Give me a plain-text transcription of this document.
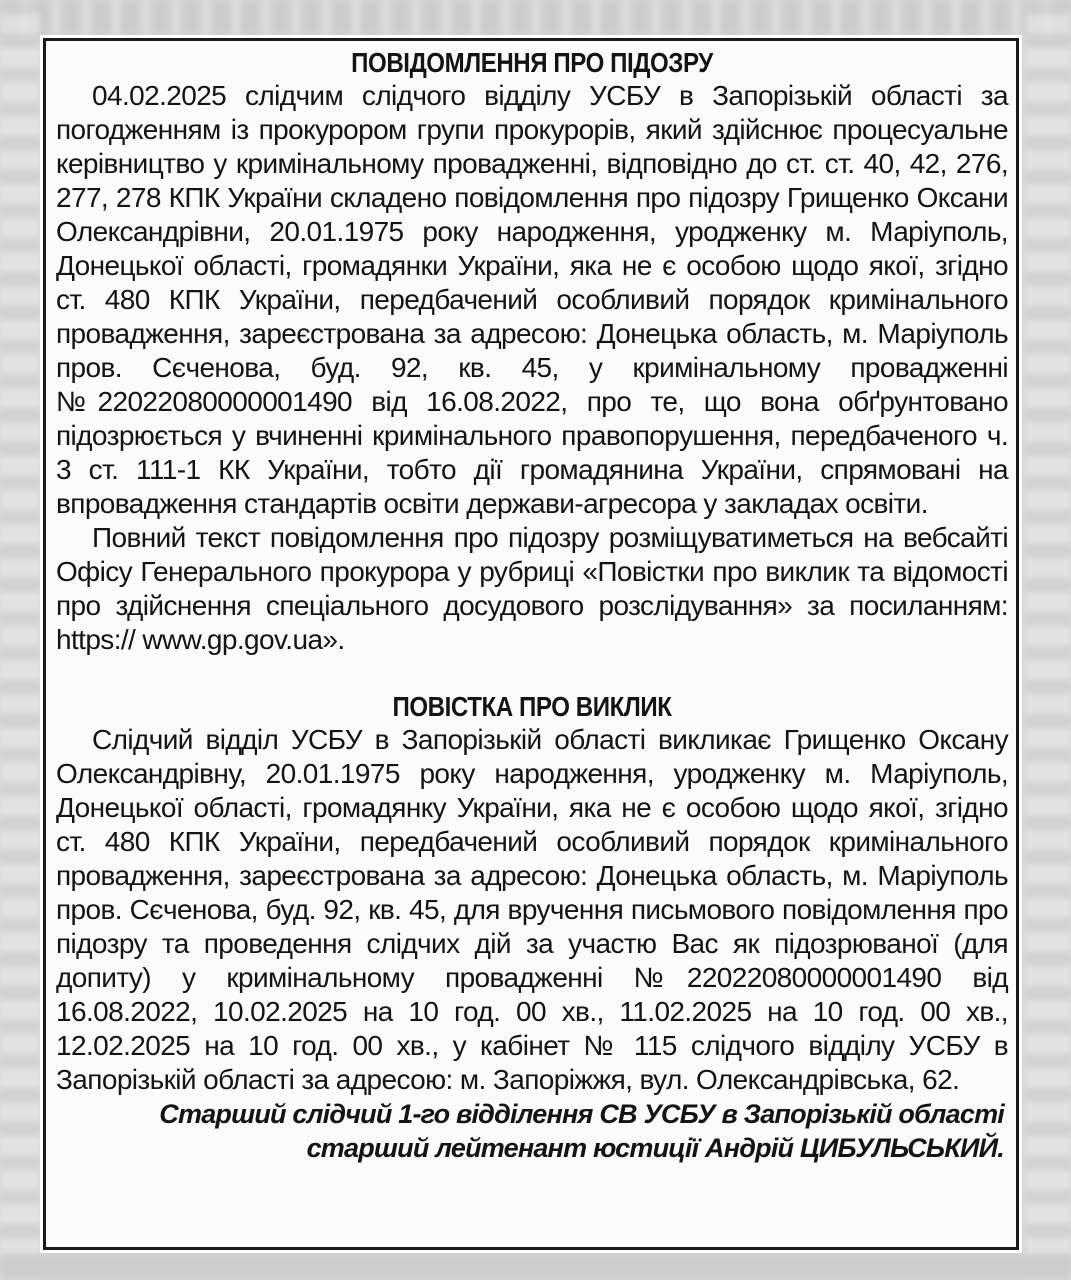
ПОВІДОМЛЕННЯ ПРО ПІДОЗРУ

04.02.2025 слідчим слідчого відділу УСБУ в Запорізькій області за погодженням із прокурором групи прокурорів, який здійснює процесуальне керівництво у кримінальному провадженні, відповідно до ст. ст. 40, 42, 276, 277, 278 КПК України складено повідомлення про підозру Грищенко Оксани Олександрівни, 20.01.1975 року народження, уродженку м. Маріуполь, Донецької області, громадянки України, яка не є особою щодо якої, згідно ст. 480 КПК України, передбачений особливий порядок кримінального провадження, зареєстрована за адресою: Донецька область, м. Маріуполь пров. Сєченова, буд. 92, кв. 45, у кримінальному провадженні №22022080000001490 від 16.08.2022, про те, що вона обґрунтовано підозрюється у вчиненні кримінального правопорушення, передбаченого ч. 3 ст. 111-1 КК України, тобто дії громадянина України, спрямовані на впровадження стандартів освіти держави-агресора у закладах освіти.

Повний текст повідомлення про підозру розміщуватиметься на вебсайті Офісу Генерального прокурора у рубриці «Повістки про виклик та відомості про здійснення спеціального досудового розслідування» за посиланням: https:// www.gp.gov.ua».

ПОВІСТКА ПРО ВИКЛИК

Слідчий відділ УСБУ в Запорізькій області викликає Грищенко Оксану Олександрівну, 20.01.1975 року народження, уродженку м. Маріуполь, Донецької області, громадянку України, яка не є особою щодо якої, згідно ст. 480 КПК України, передбачений особливий порядок кримінального провадження, зареєстрована за адресою: Донецька область, м. Маріуполь пров. Сєченова, буд. 92, кв. 45, для вручення письмового повідомлення про підозру та проведення слідчих дій за участю Вас як підозрюваної (для допиту) у кримінальному провадженні №22022080000001490 від 16.08.2022, 10.02.2025 на 10 год. 00 хв., 11.02.2025 на 10 год. 00 хв., 12.02.2025 на 10 год. 00 хв., у кабінет № 115 слідчого відділу УСБУ в Запорізькій області за адресою: м. Запоріжжя, вул. Олександрівська, 62.

Старший слідчий 1-го відділення СВ УСБУ в Запорізькій області

старший лейтенант юстиції Андрій ЦИБУЛЬСЬКИЙ.
